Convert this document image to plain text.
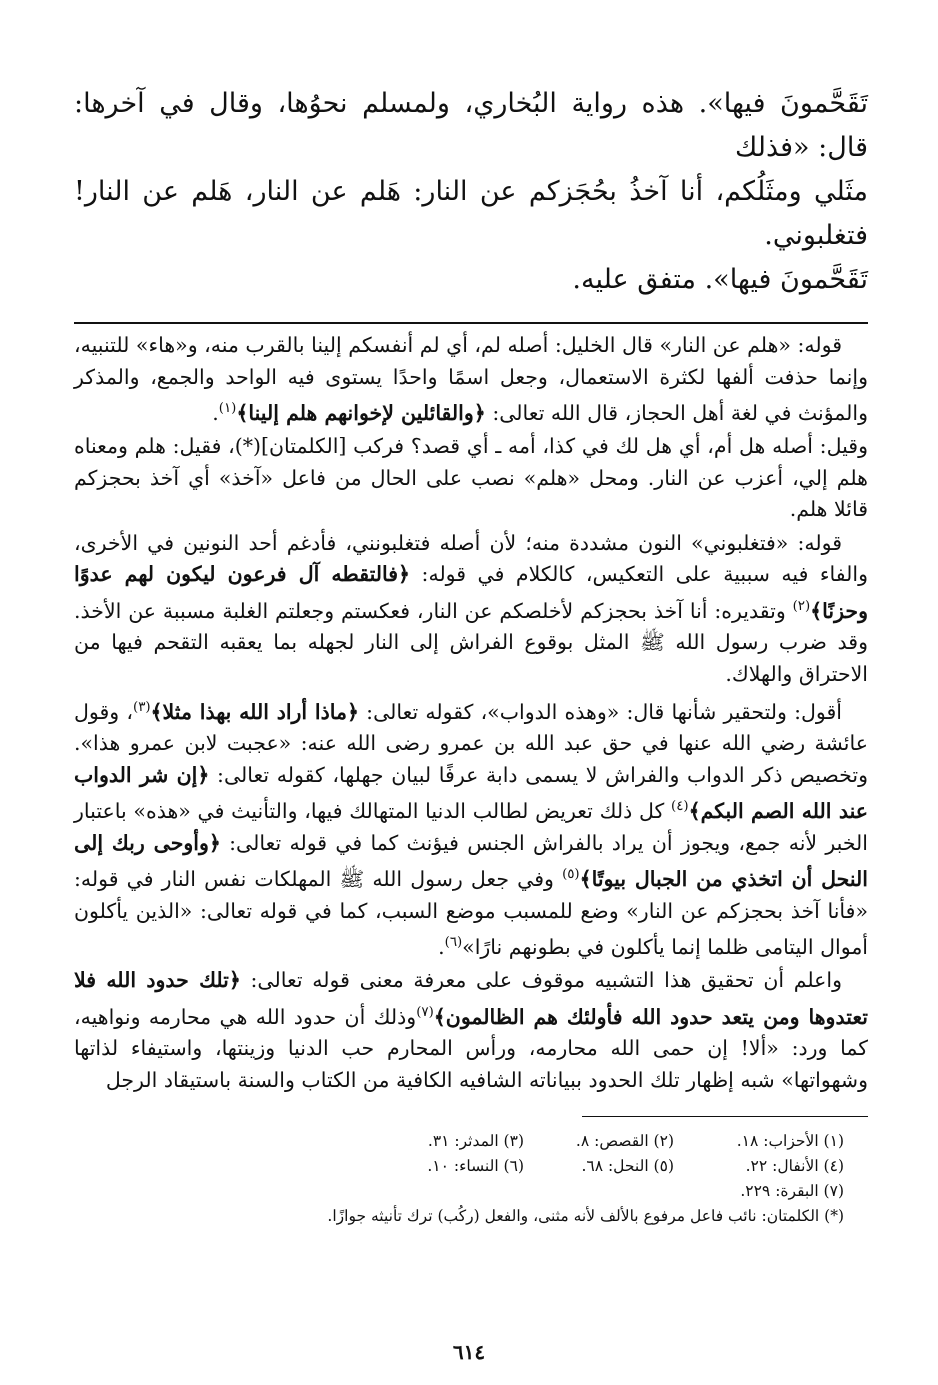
تَقَحَّمونَ فيها». هذه رواية البُخاري، ولمسلم نحوُها، وقال في آخرها: قال: «فذلك

مثَلي ومثَلُكم، أنا آخذُ بحُجَزكم عن النار: هَلم عن النار، هَلم عن النار! فتغلبوني.

تَقَحَّمونَ فيها». متفق عليه.

قوله: «هلم عن النار» قال الخليل: أصله لم، أي لم أنفسكم إلينا بالقرب منه، و«هاء» للتنبيه، وإنما حذفت ألفها لكثرة الاستعمال، وجعل اسمًا واحدًا يستوى فيه الواحد والجمع، والمذكر والمؤنث في لغة أهل الحجاز، قال الله تعالى: ﴿والقائلين لإخوانهم هلم إلينا﴾$^{(١)}$.

وقيل: أصله هل أم، أي هل لك في كذا، أمه ـ أي قصد؟ فركب [الكلمتان](*)، فقيل: هلم ومعناه هلم إلي، أعزب عن النار. ومحل «هلم» نصب على الحال من فاعل «آخذ» أي آخذ بحجزكم قائلا هلم.

قوله: «فتغلبوني» النون مشددة منه؛ لأن أصله فتغلبونني، فأدغم أحد النونين في الأخرى، والفاء فيه سببية على التعكيس، كالكلام في قوله: ﴿فالتقطه آل فرعون ليكون لهم عدوًا وحزنًا﴾$^{(٢)}$ وتقديره: أنا آخذ بحجزكم لأخلصكم عن النار، فعكستم وجعلتم الغلبة مسببة عن الأخذ. وقد ضرب رسول الله ﷺ المثل بوقوع الفراش إلى النار لجهله بما يعقبه التقحم فيها من الاحتراق والهلاك.

أقول: ولتحقير شأنها قال: «وهذه الدواب»، كقوله تعالى: ﴿ماذا أراد الله بهذا مثلا﴾$^{(٣)}$، وقول عائشة رضي الله عنها في حق عبد الله بن عمرو رضى الله عنه: «عجبت لابن عمرو هذا». وتخصيص ذكر الدواب والفراش لا يسمى دابة عرفًا لبيان جهلها، كقوله تعالى: ﴿إن شر الدواب عند الله الصم البكم﴾$^{(٤)}$ كل ذلك تعريض لطالب الدنيا المتهالك فيها، والتأنيث في «هذه» باعتبار الخبر لأنه جمع، ويجوز أن يراد بالفراش الجنس فيؤنث كما في قوله تعالى: ﴿وأوحى ربك إلى النحل أن اتخذي من الجبال بيوتًا﴾$^{(٥)}$ وفي جعل رسول الله ﷺ المهلكات نفس النار في قوله: «فأنا آخذ بحجزكم عن النار» وضع للمسبب موضع السبب، كما في قوله تعالى: «الذين يأكلون أموال اليتامى ظلما إنما يأكلون في بطونهم نارًا»$^{(٦)}$.

واعلم أن تحقيق هذا التشبيه موقوف على معرفة معنى قوله تعالى: ﴿تلك حدود الله فلا تعتدوها ومن يتعد حدود الله فأولئك هم الظالمون﴾$^{(٧)}$وذلك أن حدود الله هي محارمه ونواهيه، كما ورد: «ألا! إن حمى الله محارمه، ورأس المحارم حب الدنيا وزينتها، واستيفاء لذاتها وشهواتها» شبه إظهار تلك الحدود ببياناته الشافيه الكافية من الكتاب والسنة باستيقاد الرجل

(١) الأحزاب: ١٨.
(٢) القصص: ٨.
(٣) المدثر: ٣١.
(٤) الأنفال: ٢٢.
(٥) النحل: ٦٨.
(٦) النساء: ١٠.
(٧) البقرة: ٢٢٩.
(*) الكلمتان: نائب فاعل مرفوع بالألف لأنه مثنى، والفعل (ركُب) ترك تأنيثه جوازًا.
٦١٤
